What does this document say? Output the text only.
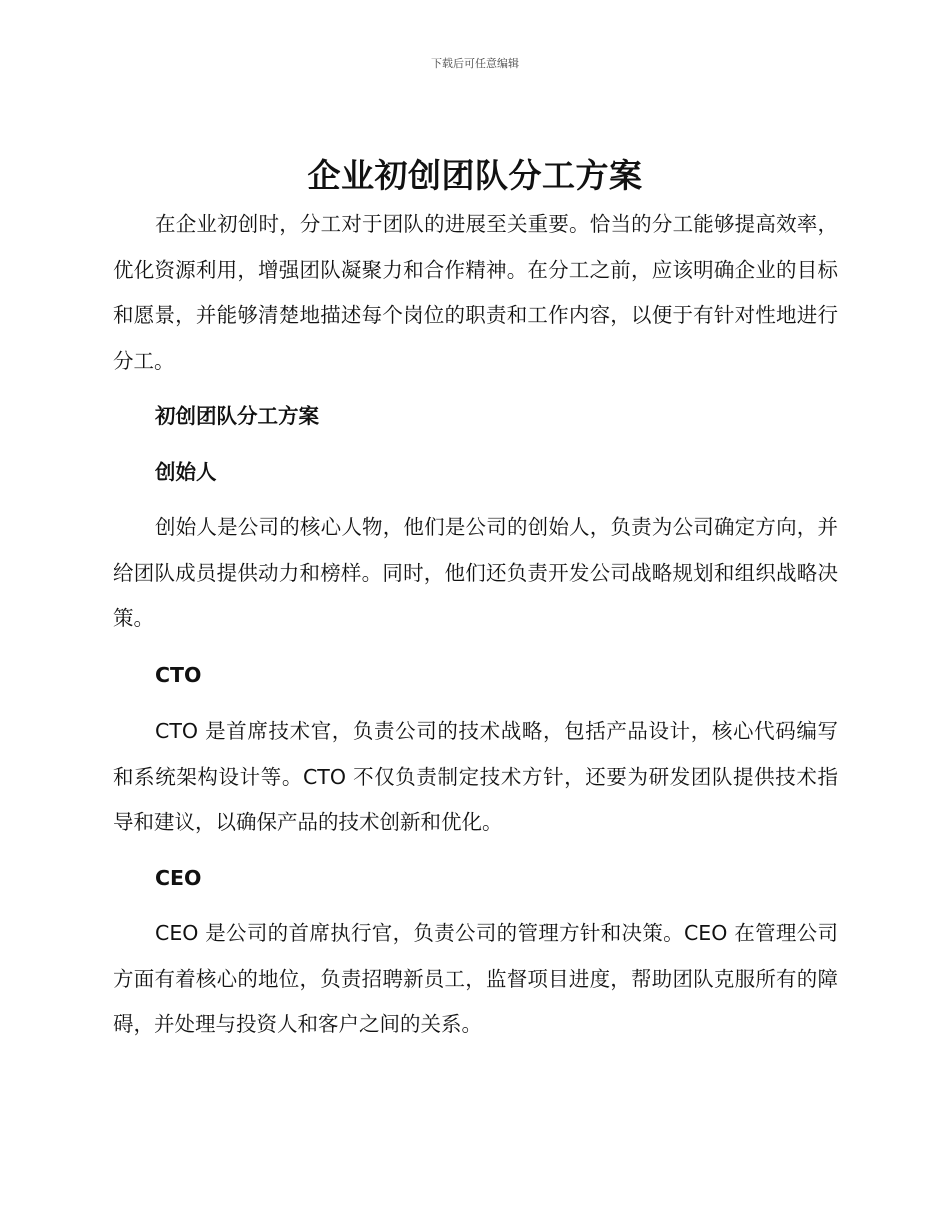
下载后可任意编辑
企业初创团队分工方案

在企业初创时，分工对于团队的进展至关重要。恰当的分工能够提高效率，优化资源利用，增强团队凝聚力和合作精神。在分工之前，应该明确企业的目标和愿景，并能够清楚地描述每个岗位的职责和工作内容，以便于有针对性地进行分工。

初创团队分工方案

创始人

创始人是公司的核心人物，他们是公司的创始人，负责为公司确定方向，并给团队成员提供动力和榜样。同时，他们还负责开发公司战略规划和组织战略决策。

CTO

CTO 是首席技术官，负责公司的技术战略，包括产品设计，核心代码编写和系统架构设计等。CTO 不仅负责制定技术方针，还要为研发团队提供技术指导和建议，以确保产品的技术创新和优化。

CEO

CEO 是公司的首席执行官，负责公司的管理方针和决策。CEO 在管理公司方面有着核心的地位，负责招聘新员工，监督项目进度，帮助团队克服所有的障碍，并处理与投资人和客户之间的关系。
